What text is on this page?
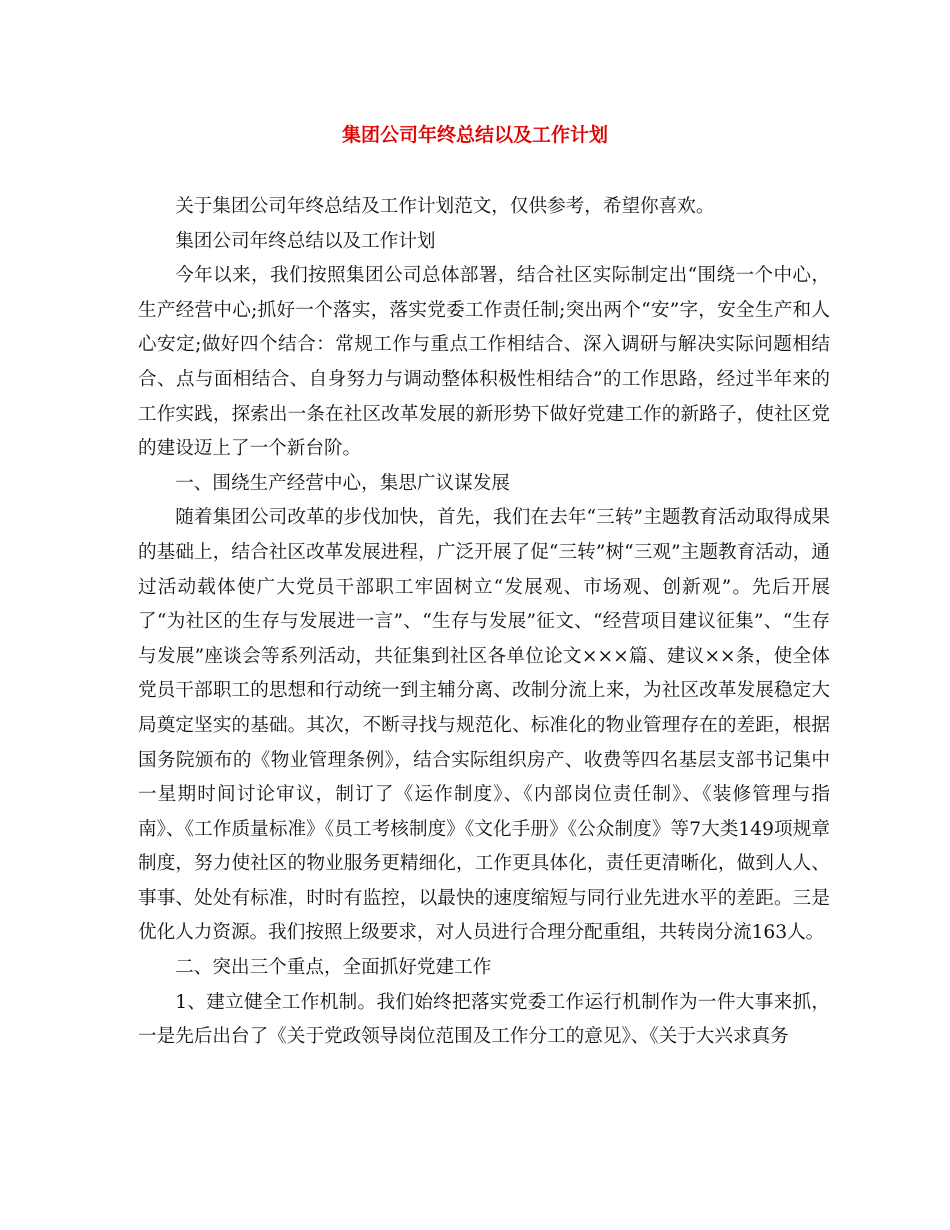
集团公司年终总结以及工作计划

关于集团公司年终总结及工作计划范文，仅供参考，希望你喜欢。

集团公司年终总结以及工作计划

今年以来，我们按照集团公司总体部署，结合社区实际制定出“围绕一个中心，生产经营中心;抓好一个落实，落实党委工作责任制;突出两个“安”字，安全生产和人心安定;做好四个结合：常规工作与重点工作相结合、深入调研与解决实际问题相结合、点与面相结合、自身努力与调动整体积极性相结合”的工作思路，经过半年来的工作实践，探索出一条在社区改革发展的新形势下做好党建工作的新路子，使社区党的建设迈上了一个新台阶。

一、围绕生产经营中心，集思广议谋发展

随着集团公司改革的步伐加快，首先，我们在去年“三转”主题教育活动取得成果的基础上，结合社区改革发展进程，广泛开展了促“三转”树“三观”主题教育活动，通过活动载体使广大党员干部职工牢固树立“发展观、市场观、创新观”。先后开展了“为社区的生存与发展进一言”、“生存与发展”征文、“经营项目建议征集”、“生存与发展”座谈会等系列活动，共征集到社区各单位论文×××篇、建议××条，使全体党员干部职工的思想和行动统一到主辅分离、改制分流上来，为社区改革发展稳定大局奠定坚实的基础。其次，不断寻找与规范化、标准化的物业管理存在的差距，根据国务院颁布的《物业管理条例》，结合实际组织房产、收费等四名基层支部书记集中一星期时间讨论审议，制订了《运作制度》、《内部岗位责任制》、《装修管理与指南》、《工作质量标准》《员工考核制度》《文化手册》《公众制度》等7大类149项规章制度，努力使社区的物业服务更精细化，工作更具体化，责任更清晰化，做到人人、事事、处处有标准，时时有监控，以最快的速度缩短与同行业先进水平的差距。三是优化人力资源。我们按照上级要求，对人员进行合理分配重组，共转岗分流163人。

二、突出三个重点，全面抓好党建工作

1、建立健全工作机制。我们始终把落实党委工作运行机制作为一件大事来抓，一是先后出台了《关于党政领导岗位范围及工作分工的意见》、《关于大兴求真务
